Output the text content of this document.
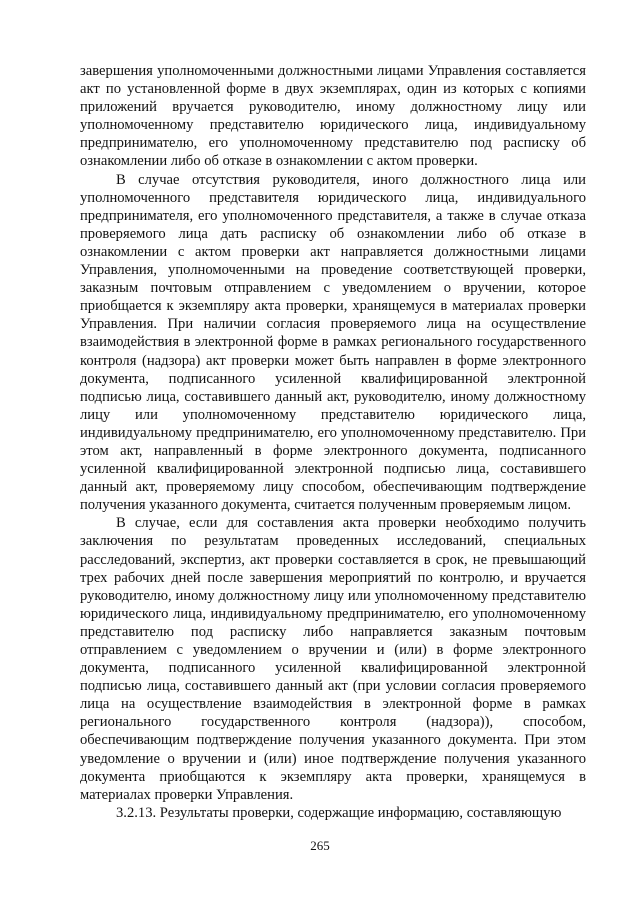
завершения уполномоченными должностными лицами Управления составляется акт по установленной форме в двух экземплярах, один из которых с копиями приложений вручается руководителю, иному должностному лицу или уполномоченному представителю юридического лица, индивидуальному предпринимателю, его уполномоченному представителю под расписку об ознакомлении либо об отказе в ознакомлении с актом проверки.

В случае отсутствия руководителя, иного должностного лица или уполномоченного представителя юридического лица, индивидуального предпринимателя, его уполномоченного представителя, а также в случае отказа проверяемого лица дать расписку об ознакомлении либо об отказе в ознакомлении с актом проверки акт направляется должностными лицами Управления, уполномоченными на проведение соответствующей проверки, заказным почтовым отправлением с уведомлением о вручении, которое приобщается к экземпляру акта проверки, хранящемуся в материалах проверки Управления. При наличии согласия проверяемого лица на осуществление взаимодействия в электронной форме в рамках регионального государственного контроля (надзора) акт проверки может быть направлен в форме электронного документа, подписанного усиленной квалифицированной электронной подписью лица, составившего данный акт, руководителю, иному должностному лицу или уполномоченному представителю юридического лица, индивидуальному предпринимателю, его уполномоченному представителю. При этом акт, направленный в форме электронного документа, подписанного усиленной квалифицированной электронной подписью лица, составившего данный акт, проверяемому лицу способом, обеспечивающим подтверждение получения указанного документа, считается полученным проверяемым лицом.

В случае, если для составления акта проверки необходимо получить заключения по результатам проведенных исследований, специальных расследований, экспертиз, акт проверки составляется в срок, не превышающий трех рабочих дней после завершения мероприятий по контролю, и вручается руководителю, иному должностному лицу или уполномоченному представителю юридического лица, индивидуальному предпринимателю, его уполномоченному представителю под расписку либо направляется заказным почтовым отправлением с уведомлением о вручении и (или) в форме электронного документа, подписанного усиленной квалифицированной электронной подписью лица, составившего данный акт (при условии согласия проверяемого лица на осуществление взаимодействия в электронной форме в рамках регионального государственного контроля (надзора)), способом, обеспечивающим подтверждение получения указанного документа. При этом уведомление о вручении и (или) иное подтверждение получения указанного документа приобщаются к экземпляру акта проверки, хранящемуся в материалах проверки Управления.

3.2.13. Результаты проверки, содержащие информацию, составляющую

265
